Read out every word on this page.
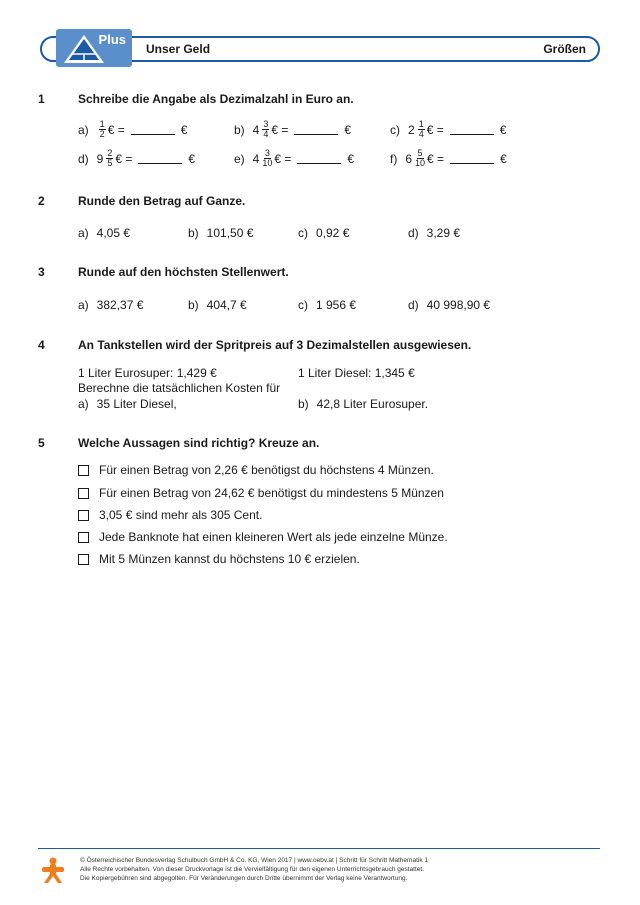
Unser Geld	Größen
Plus
1	Schreibe die Angabe als Dezimalzahl in Euro an.
$a) \frac{1}{2}$ € =	€	b) $4 \frac{3}{4}$ € =	€	c) $2 \frac{1}{4}$ € =	€
d) $9 \frac{2}{5}$ € =	€	e) $4 \frac{3}{10}$ € =	€	f) $6 \frac{5}{10}$ € =	€
2	Runde den Betrag auf Ganze.
a) 4,05 €	b) 101,50 €	c) 0,92 €	d) 3,29 €
3	Runde auf den höchsten Stellenwert.
a) 382,37 €	b) 404,7 €	c) 1 956 €	d) 40 998,90 €
4	An Tankstellen wird der Spritpreis auf 3 Dezimalstellen ausgewiesen.
1 Liter Eurosuper: 1,429 €	1 Liter Diesel: 1,345 €
Berechne die tatsächlichen Kosten für
a) 35 Liter Diesel,	b) 42,8 Liter Eurosuper.
5	Welche Aussagen sind richtig? Kreuze an.
Für einen Betrag von 2,26 € benötigst du höchstens 4 Münzen.
Für einen Betrag von 24,62 € benötigst du mindestens 5 Münzen
3,05 € sind mehr als 305 Cent.
Jede Banknote hat einen kleineren Wert als jede einzelne Münze.
Mit 5 Münzen kannst du höchstens 10 € erzielen.
© Österreichischer Bundesverlag Schulbuch GmbH & Co. KG, Wien 2017 | www.oebv.at | Schritt für Schritt Mathematik 1
Alle Rechte vorbehalten. Von dieser Druckvorlage ist die Vervielfältigung für den eigenen Unterrichtsgebrauch gestattet.
Die Kopiergebühren sind abgegolten. Für Veränderungen durch Dritte übernimmt der Verlag keine Verantwortung.
